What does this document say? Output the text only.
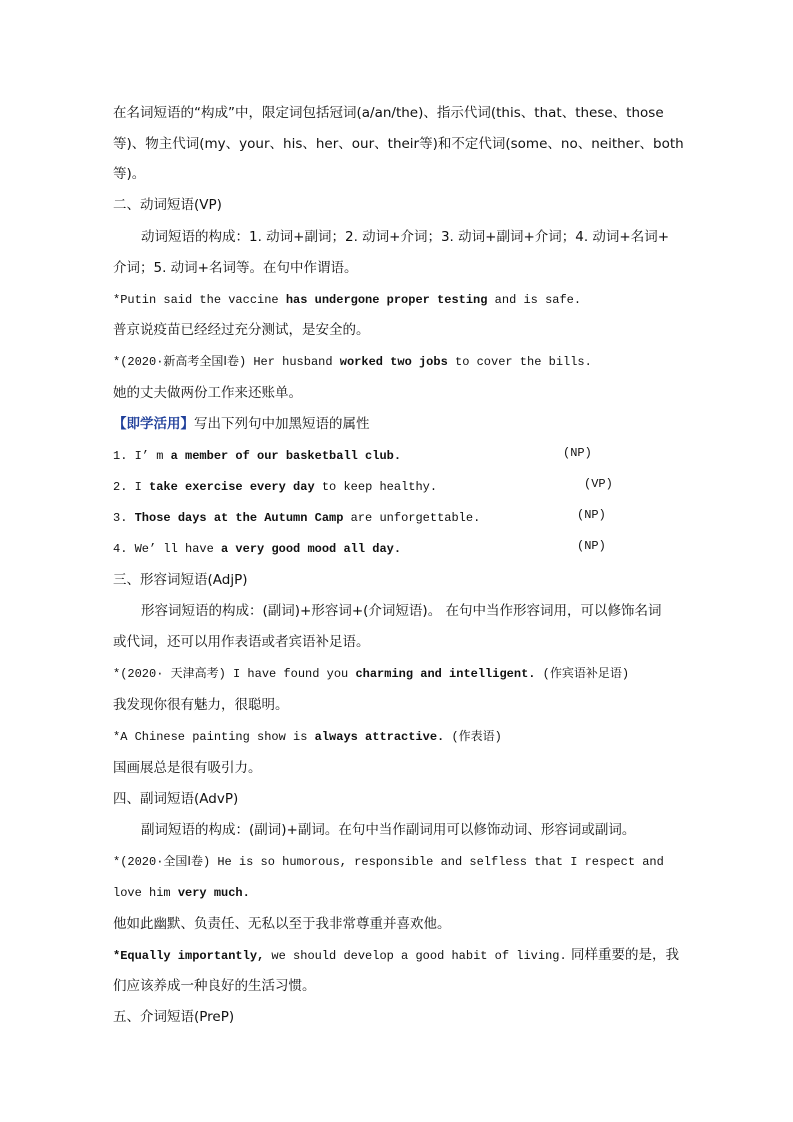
在名词短语的“构成”中，限定词包括冠词(a/an/the)、指示代词(this、that、these、those
等)、物主代词(my、your、his、her、our、their等)和不定代词(some、no、neither、both
等)。
二、动词短语(VP)
动词短语的构成：1. 动词+副词；2. 动词+介词；3. 动词+副词+介词；4. 动词+名词+
介词；5. 动词+名词等。在句中作谓语。
*Putin said the vaccine has undergone proper testing and is safe.
普京说疫苗已经经过充分测试，是安全的。
*(2020·新高考全国Ⅰ卷) Her husband worked two jobs to cover the bills.
她的丈夫做两份工作来还账单。
【即学活用】写出下列句中加黑短语的属性
1. I’ m a member of our basketball club.	(NP)
2. I take exercise every day to keep healthy.	(VP)
3. Those days at the Autumn Camp are unforgettable.	(NP)
4. We’ ll have a very good mood all day.	(NP)
三、形容词短语(AdjP)
形容词短语的构成：(副词)+形容词+(介词短语)。 在句中当作形容词用，可以修饰名词
或代词，还可以用作表语或者宾语补足语。
*(2020· 天津高考) I have found you charming and intelligent. (作宾语补足语)
我发现你很有魅力，很聪明。
*A Chinese painting show is always attractive. (作表语)
国画展总是很有吸引力。
四、副词短语(AdvP)
副词短语的构成：(副词)+副词。在句中当作副词用可以修饰动词、形容词或副词。
*(2020·全国Ⅰ卷) He is so humorous, responsible and selfless that I respect and
love him very much.
他如此幽默、负责任、无私以至于我非常尊重并喜欢他。
*Equally importantly, we should develop a good habit of living. 同样重要的是，我
们应该养成一种良好的生活习惯。
五、介词短语(PreP)
